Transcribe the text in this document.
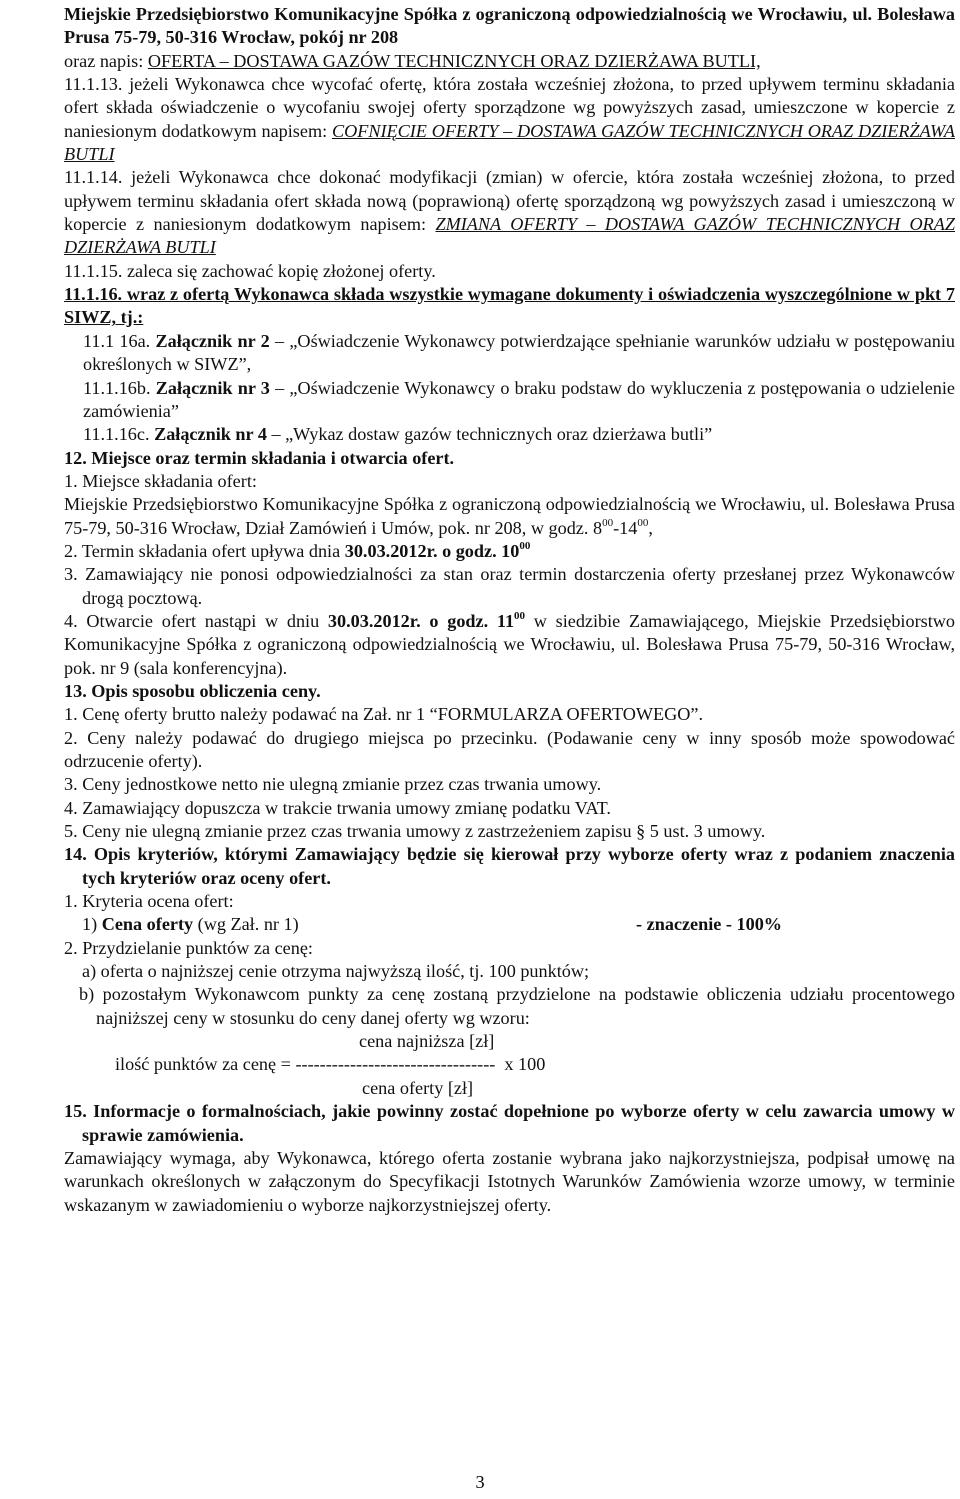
Miejskie Przedsiębiorstwo Komunikacyjne Spółka z ograniczoną odpowiedzialnością we Wrocławiu, ul. Bolesława Prusa 75-79, 50-316 Wrocław, pokój nr 208

oraz napis: OFERTA – DOSTAWA GAZÓW TECHNICZNYCH ORAZ DZIERŻAWA BUTLI,

11.1.13. jeżeli Wykonawca chce wycofać ofertę, która została wcześniej złożona, to przed upływem terminu składania ofert składa oświadczenie o wycofaniu swojej oferty sporządzone wg powyższych zasad, umieszczone w kopercie z naniesionym dodatkowym napisem: COFNIĘCIE OFERTY – DOSTAWA GAZÓW TECHNICZNYCH ORAZ DZIERŻAWA BUTLI

11.1.14. jeżeli Wykonawca chce dokonać modyfikacji (zmian) w ofercie, która została wcześniej złożona, to przed upływem terminu składania ofert składa nową (poprawioną) ofertę sporządzoną wg powyższych zasad i umieszczoną w kopercie z naniesionym dodatkowym napisem: ZMIANA OFERTY – DOSTAWA GAZÓW TECHNICZNYCH ORAZ DZIERŻAWA BUTLI

11.1.15. zaleca się zachować kopię złożonej oferty.

11.1.16. wraz z ofertą Wykonawca składa wszystkie wymagane dokumenty i oświadczenia wyszczególnione w pkt 7 SIWZ, tj.:

11.1 16a. Załącznik nr 2 – „Oświadczenie Wykonawcy potwierdzające spełnianie warunków udziału w postępowaniu określonych w SIWZ”,

11.1.16b. Załącznik nr 3 – „Oświadczenie Wykonawcy o braku podstaw do wykluczenia z postępowania o udzielenie zamówienia”

11.1.16c. Załącznik nr 4 – „Wykaz dostaw gazów technicznych oraz dzierżawa butli”

12. Miejsce oraz termin składania i otwarcia ofert.

1. Miejsce składania ofert:

Miejskie Przedsiębiorstwo Komunikacyjne Spółka z ograniczoną odpowiedzialnością we Wrocławiu, ul. Bolesława Prusa 75-79, 50-316 Wrocław, Dział Zamówień i Umów, pok. nr 208, w godz. $8^{00}-14^{00}$,

2. Termin składania ofert upływa dnia 30.03.2012r. o godz. $10^{00}$

3. Zamawiający nie ponosi odpowiedzialności za stan oraz termin dostarczenia oferty przesłanej przez Wykonawców drogą pocztową.

4. Otwarcie ofert nastąpi w dniu 30.03.2012r. o godz. $11^{00}$ w siedzibie Zamawiającego, Miejskie Przedsiębiorstwo Komunikacyjne Spółka z ograniczoną odpowiedzialnością we Wrocławiu, ul. Bolesława Prusa 75-79, 50-316 Wrocław, pok. nr 9 (sala konferencyjna).

13. Opis sposobu obliczenia ceny.

1. Cenę oferty brutto należy podawać na Zał. nr 1 “FORMULARZA OFERTOWEGO”.

2. Ceny należy podawać do drugiego miejsca po przecinku. (Podawanie ceny w inny sposób może spowodować odrzucenie oferty).

3. Ceny jednostkowe netto nie ulegną zmianie przez czas trwania umowy.

4. Zamawiający dopuszcza w trakcie trwania umowy zmianę podatku VAT.

5. Ceny nie ulegną zmianie przez czas trwania umowy z zastrzeżeniem zapisu § 5 ust. 3 umowy.

14. Opis kryteriów, którymi Zamawiający będzie się kierował przy wyborze oferty wraz z podaniem znaczenia tych kryteriów oraz oceny ofert.

1. Kryteria ocena ofert:

1) Cena oferty (wg Zał. nr 1)	- znaczenie - 100%

2. Przydzielanie punktów za cenę:

a) oferta o najniższej cenie otrzyma najwyższą ilość, tj. 100 punktów;

b) pozostałym Wykonawcom punkty za cenę zostaną przydzielone na podstawie obliczenia udziału procentowego najniższej ceny w stosunku do ceny danej oferty wg wzoru:

cena najniższa [zł]

ilość punktów za cenę = ---------------------------------  x 100

cena oferty [zł]

15. Informacje o formalnościach, jakie powinny zostać dopełnione po wyborze oferty w celu zawarcia umowy w sprawie zamówienia.

Zamawiający wymaga, aby Wykonawca, którego oferta zostanie wybrana jako najkorzystniejsza, podpisał umowę na warunkach określonych w załączonym do Specyfikacji Istotnych Warunków Zamówienia wzorze umowy, w terminie wskazanym w zawiadomieniu o wyborze najkorzystniejszej oferty.

3
